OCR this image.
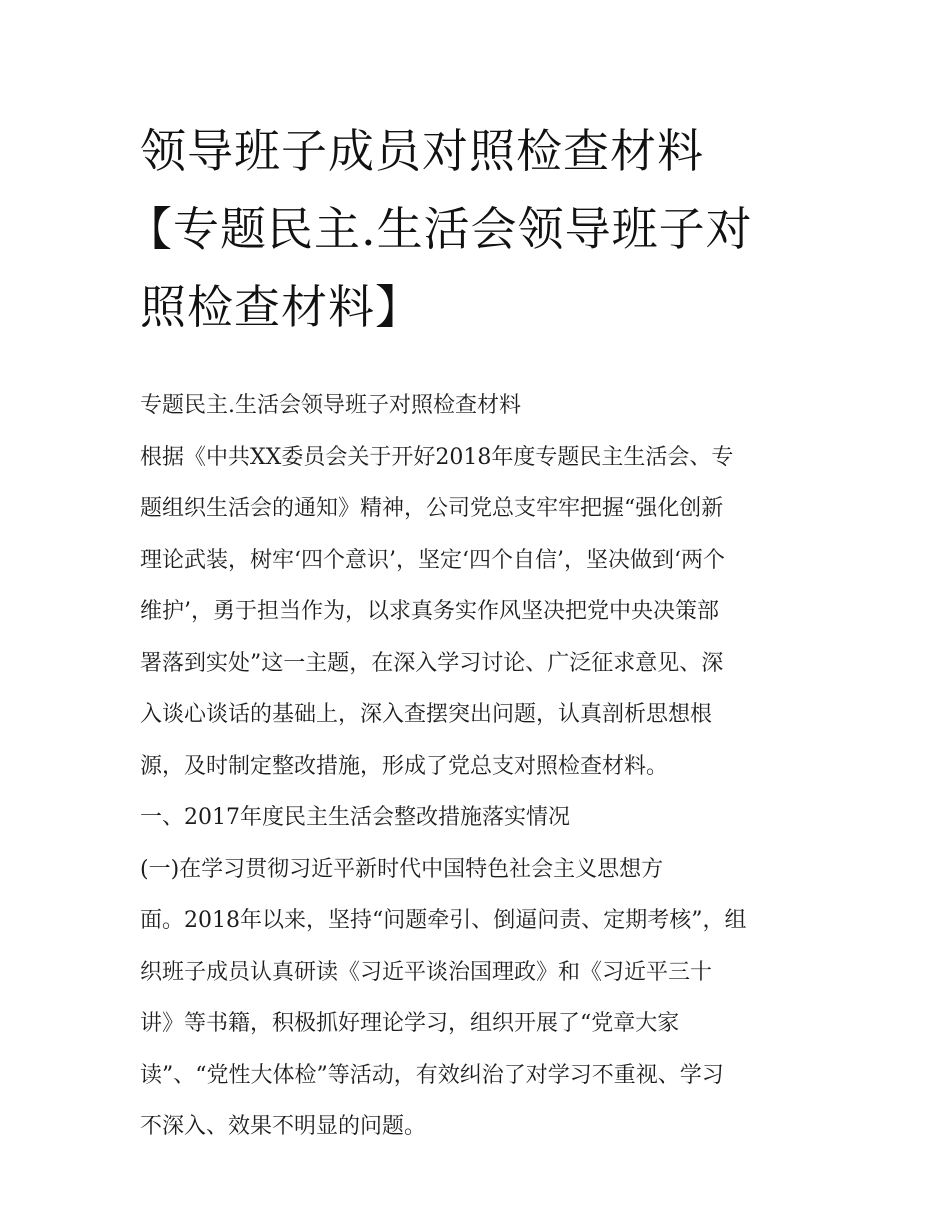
领导班子成员对照检查材料
【专题民主.生活会领导班子对
照检查材料】
专题民主.生活会领导班子对照检查材料
根据《中共XX委员会关于开好2018年度专题民主生活会、专
题组织生活会的通知》精神，公司党总支牢牢把握“强化创新
理论武装，树牢‘四个意识’，坚定‘四个自信’，坚决做到‘两个
维护’，勇于担当作为，以求真务实作风坚决把党中央决策部
署落到实处”这一主题，在深入学习讨论、广泛征求意见、深
入谈心谈话的基础上，深入查摆突出问题，认真剖析思想根
源，及时制定整改措施，形成了党总支对照检查材料。
一、2017年度民主生活会整改措施落实情况
(一)在学习贯彻习近平新时代中国特色社会主义思想方
面。2018年以来，坚持“问题牵引、倒逼问责、定期考核”，组
织班子成员认真研读《习近平谈治国理政》和《习近平三十
讲》等书籍，积极抓好理论学习，组织开展了“党章大家
读”、“党性大体检”等活动，有效纠治了对学习不重视、学习
不深入、效果不明显的问题。
